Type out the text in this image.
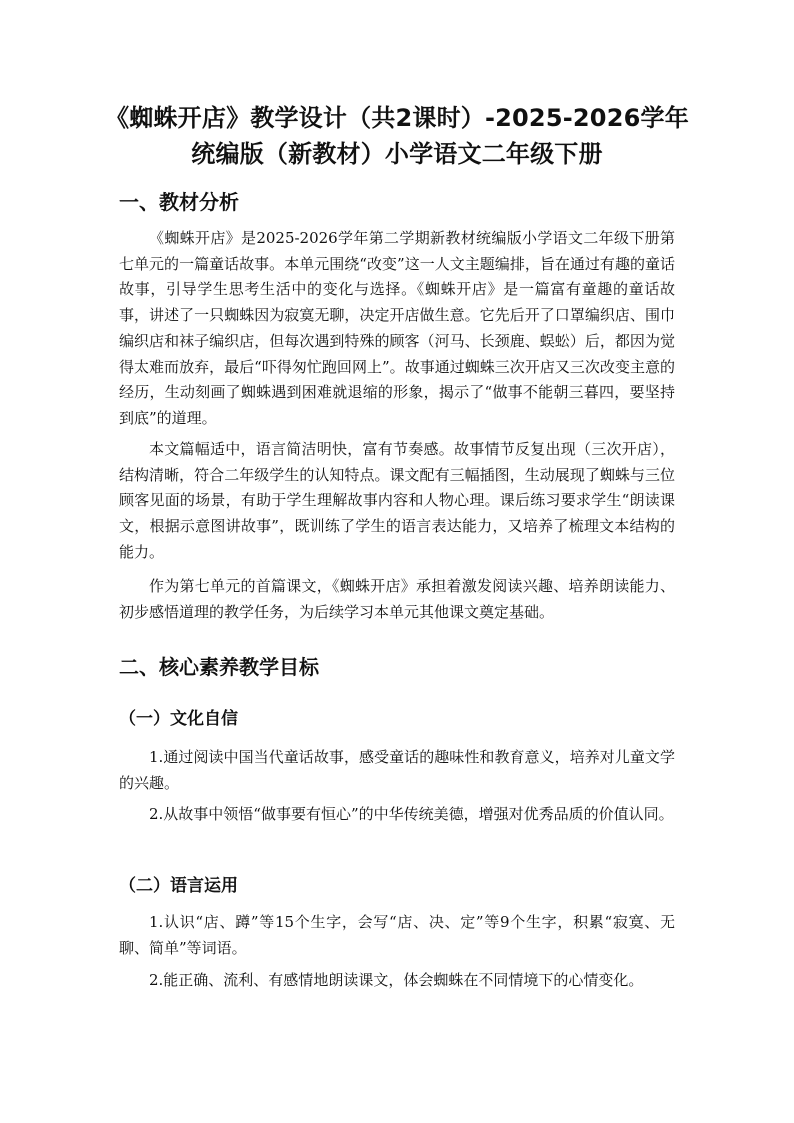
《蜘蛛开店》教学设计（共2课时）-2025-2026学年统编版（新教材）小学语文二年级下册
一、教材分析

《蜘蛛开店》是2025-2026学年第二学期新教材统编版小学语文二年级下册第七单元的一篇童话故事。本单元围绕“改变”这一人文主题编排，旨在通过有趣的童话故事，引导学生思考生活中的变化与选择。《蜘蛛开店》是一篇富有童趣的童话故事，讲述了一只蜘蛛因为寂寞无聊，决定开店做生意。它先后开了口罩编织店、围巾编织店和袜子编织店，但每次遇到特殊的顾客（河马、长颈鹿、蜈蚣）后，都因为觉得太难而放弃，最后“吓得匆忙跑回网上”。故事通过蜘蛛三次开店又三次改变主意的经历，生动刻画了蜘蛛遇到困难就退缩的形象，揭示了“做事不能朝三暮四，要坚持到底”的道理。

本文篇幅适中，语言简洁明快，富有节奏感。故事情节反复出现（三次开店），结构清晰，符合二年级学生的认知特点。课文配有三幅插图，生动展现了蜘蛛与三位顾客见面的场景，有助于学生理解故事内容和人物心理。课后练习要求学生“朗读课文，根据示意图讲故事”，既训练了学生的语言表达能力，又培养了梳理文本结构的能力。

作为第七单元的首篇课文，《蜘蛛开店》承担着激发阅读兴趣、培养朗读能力、初步感悟道理的教学任务，为后续学习本单元其他课文奠定基础。

二、核心素养教学目标
（一）文化自信

1.通过阅读中国当代童话故事，感受童话的趣味性和教育意义，培养对儿童文学的兴趣。

2.从故事中领悟“做事要有恒心”的中华传统美德，增强对优秀品质的价值认同。

（二）语言运用

1.认识“店、蹲”等15个生字，会写“店、决、定”等9个生字，积累“寂寞、无聊、简单”等词语。

2.能正确、流利、有感情地朗读课文，体会蜘蛛在不同情境下的心情变化。
